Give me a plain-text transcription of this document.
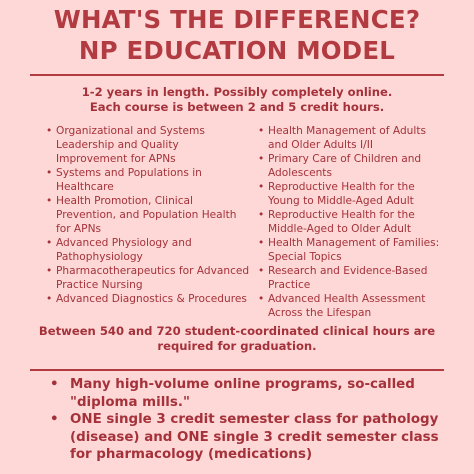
WHAT'S THE DIFFERENCE?
NP EDUCATION MODEL
1-2 years in length. Possibly completely online.
Each course is between 2 and 5 credit hours.
• Organizational and Systems Leadership and Quality Improvement for APNs
• Systems and Populations in Healthcare
• Health Promotion, Clinical Prevention, and Population Health for APNs
• Advanced Physiology and Pathophysiology
• Pharmacotherapeutics for Advanced Practice Nursing
• Advanced Diagnostics & Procedures
• Health Management of Adults and Older Adults I/II
• Primary Care of Children and Adolescents
• Reproductive Health for the Young to Middle-Aged Adult
• Reproductive Health for the Middle-Aged to Older Adult
• Health Management of Families: Special Topics
• Research and Evidence-Based Practice
• Advanced Health Assessment Across the Lifespan
Between 540 and 720 student-coordinated clinical hours are
required for graduation.
• Many high-volume online programs, so-called "diploma mills."
• ONE single 3 credit semester class for pathology (disease) and ONE single 3 credit semester class for pharmacology (medications)
